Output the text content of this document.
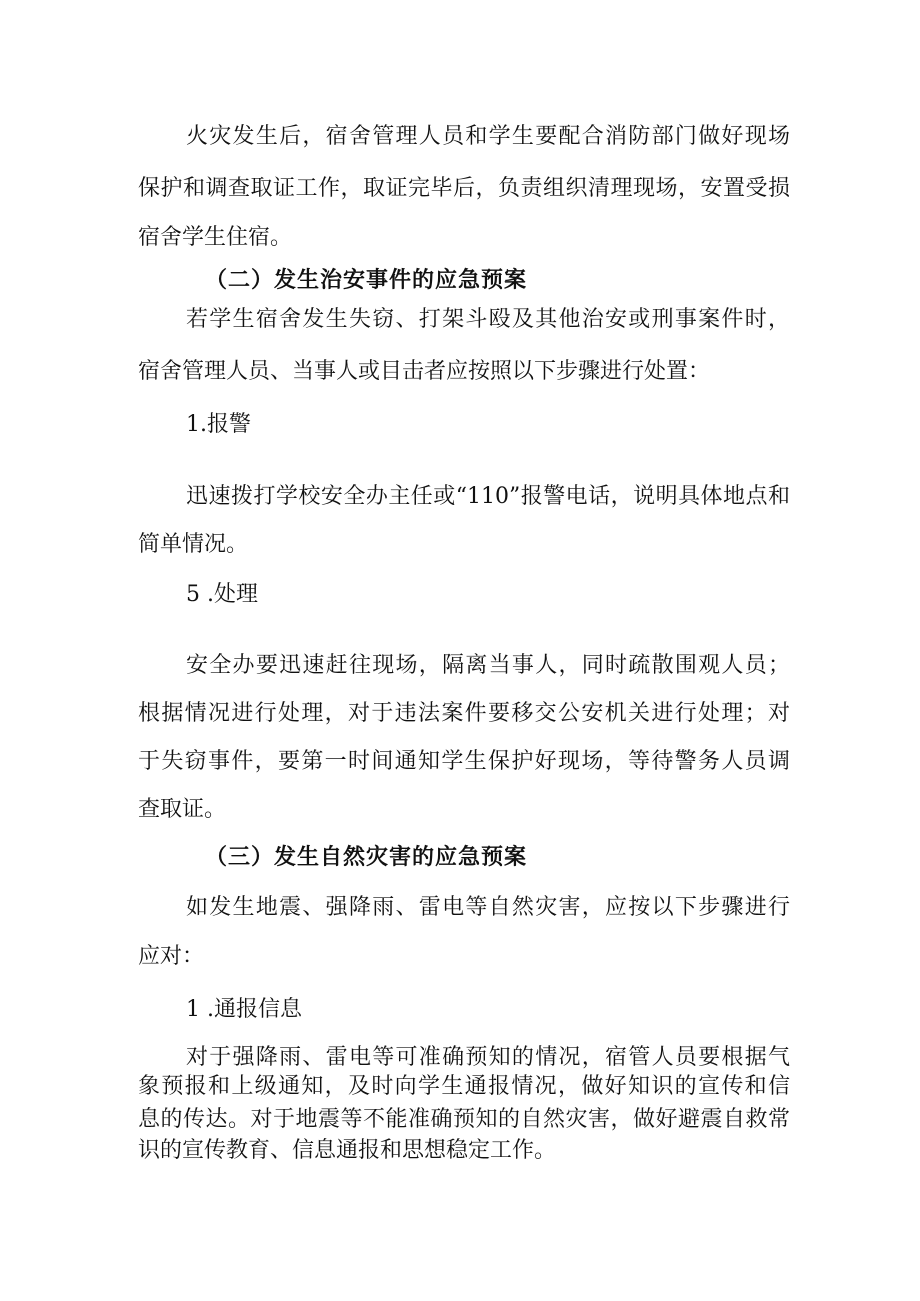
火灾发生后，宿舍管理人员和学生要配合消防部门做好现场
保护和调查取证工作，取证完毕后，负责组织清理现场，安置受损
宿舍学生住宿。
（二）发生治安事件的应急预案
若学生宿舍发生失窃、打架斗殴及其他治安或刑事案件时，
宿舍管理人员、当事人或目击者应按照以下步骤进行处置：
1.报警
迅速拨打学校安全办主任或“110”报警电话，说明具体地点和
简单情况。
5 .处理
安全办要迅速赶往现场，隔离当事人，同时疏散围观人员；
根据情况进行处理，对于违法案件要移交公安机关进行处理；对
于失窃事件，要第一时间通知学生保护好现场，等待警务人员调
查取证。
（三）发生自然灾害的应急预案
如发生地震、强降雨、雷电等自然灾害，应按以下步骤进行
应对：
1 .通报信息
对于强降雨、雷电等可准确预知的情况，宿管人员要根据气
象预报和上级通知，及时向学生通报情况，做好知识的宣传和信
息的传达。对于地震等不能准确预知的自然灾害，做好避震自救常
识的宣传教育、信息通报和思想稳定工作。
